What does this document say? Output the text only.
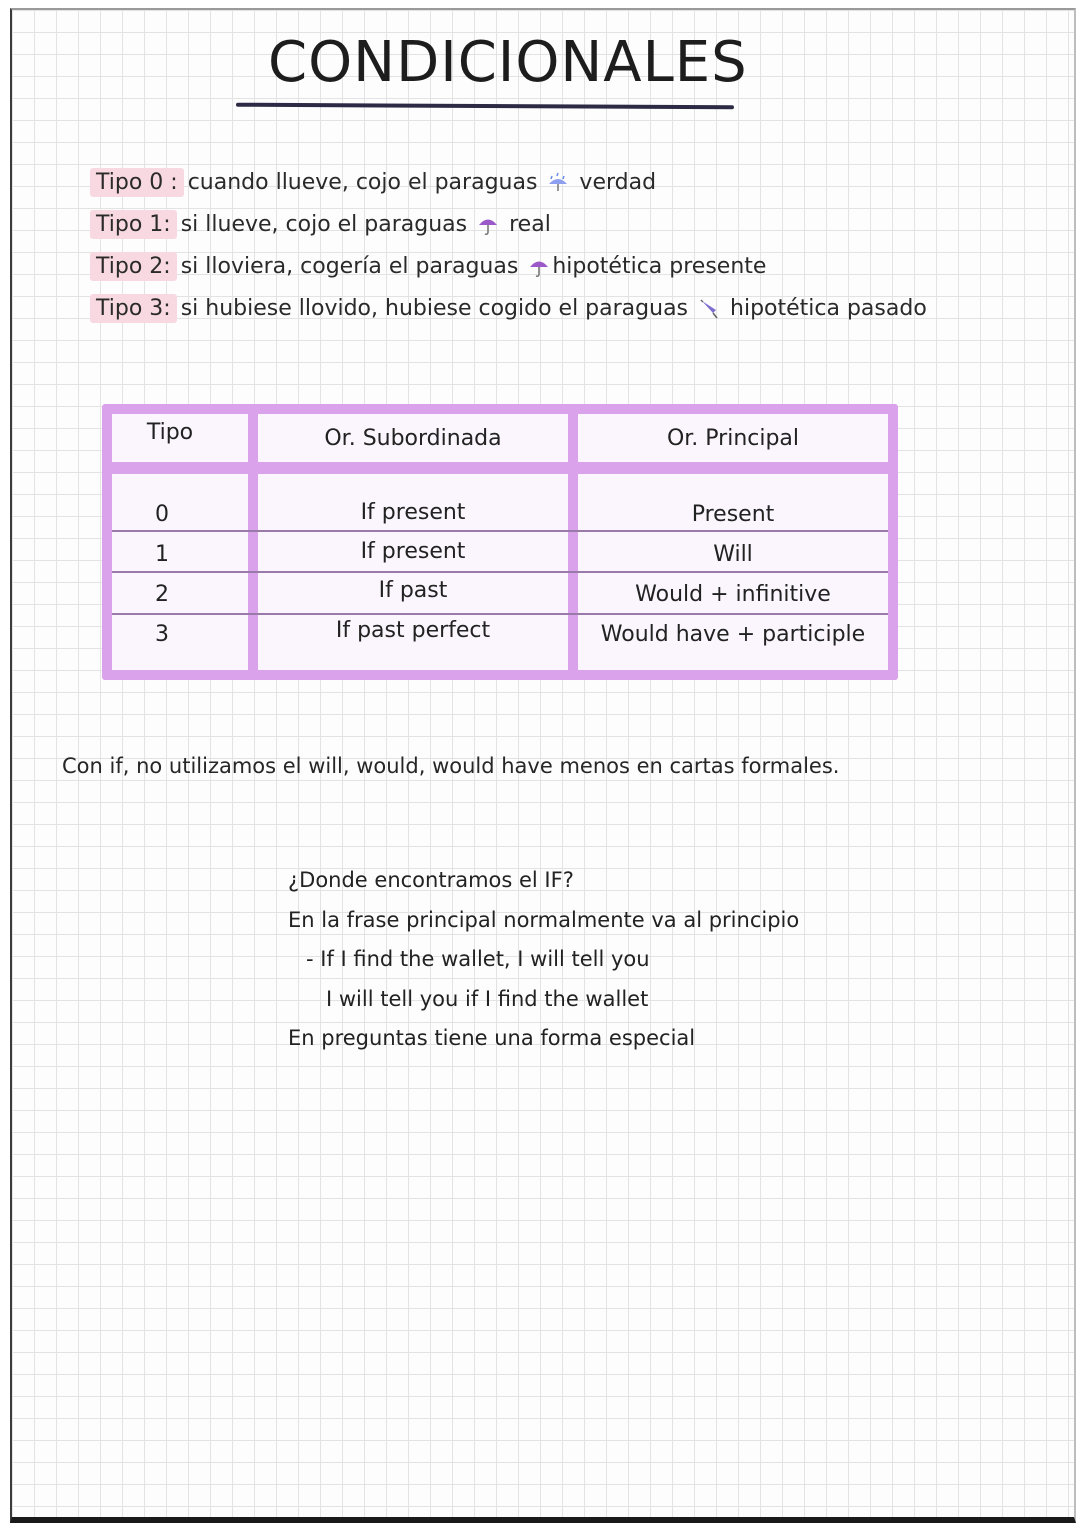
CONDICIONALES
Tipo 0 : cuando llueve, cojo el paraguas verdad
Tipo 1: si llueve, cojo el paraguas real
Tipo 2: si lloviera, cogería el paraguas hipotética presente
Tipo 3: si hubiese llovido, hubiese cogido el paraguas hipotética pasado
Tipo	Or. Subordinada	Or. Principal
0	If present	Present
1	If present	Will
2	If past	Would + infinitive
3	If past perfect	Would have + participle
Con if, no utilizamos el will, would, would have menos en cartas formales.
¿Donde encontramos el IF?
En la frase principal normalmente va al principio
- If I find the wallet, I will tell you
I will tell you if I find the wallet
En preguntas tiene una forma especial
